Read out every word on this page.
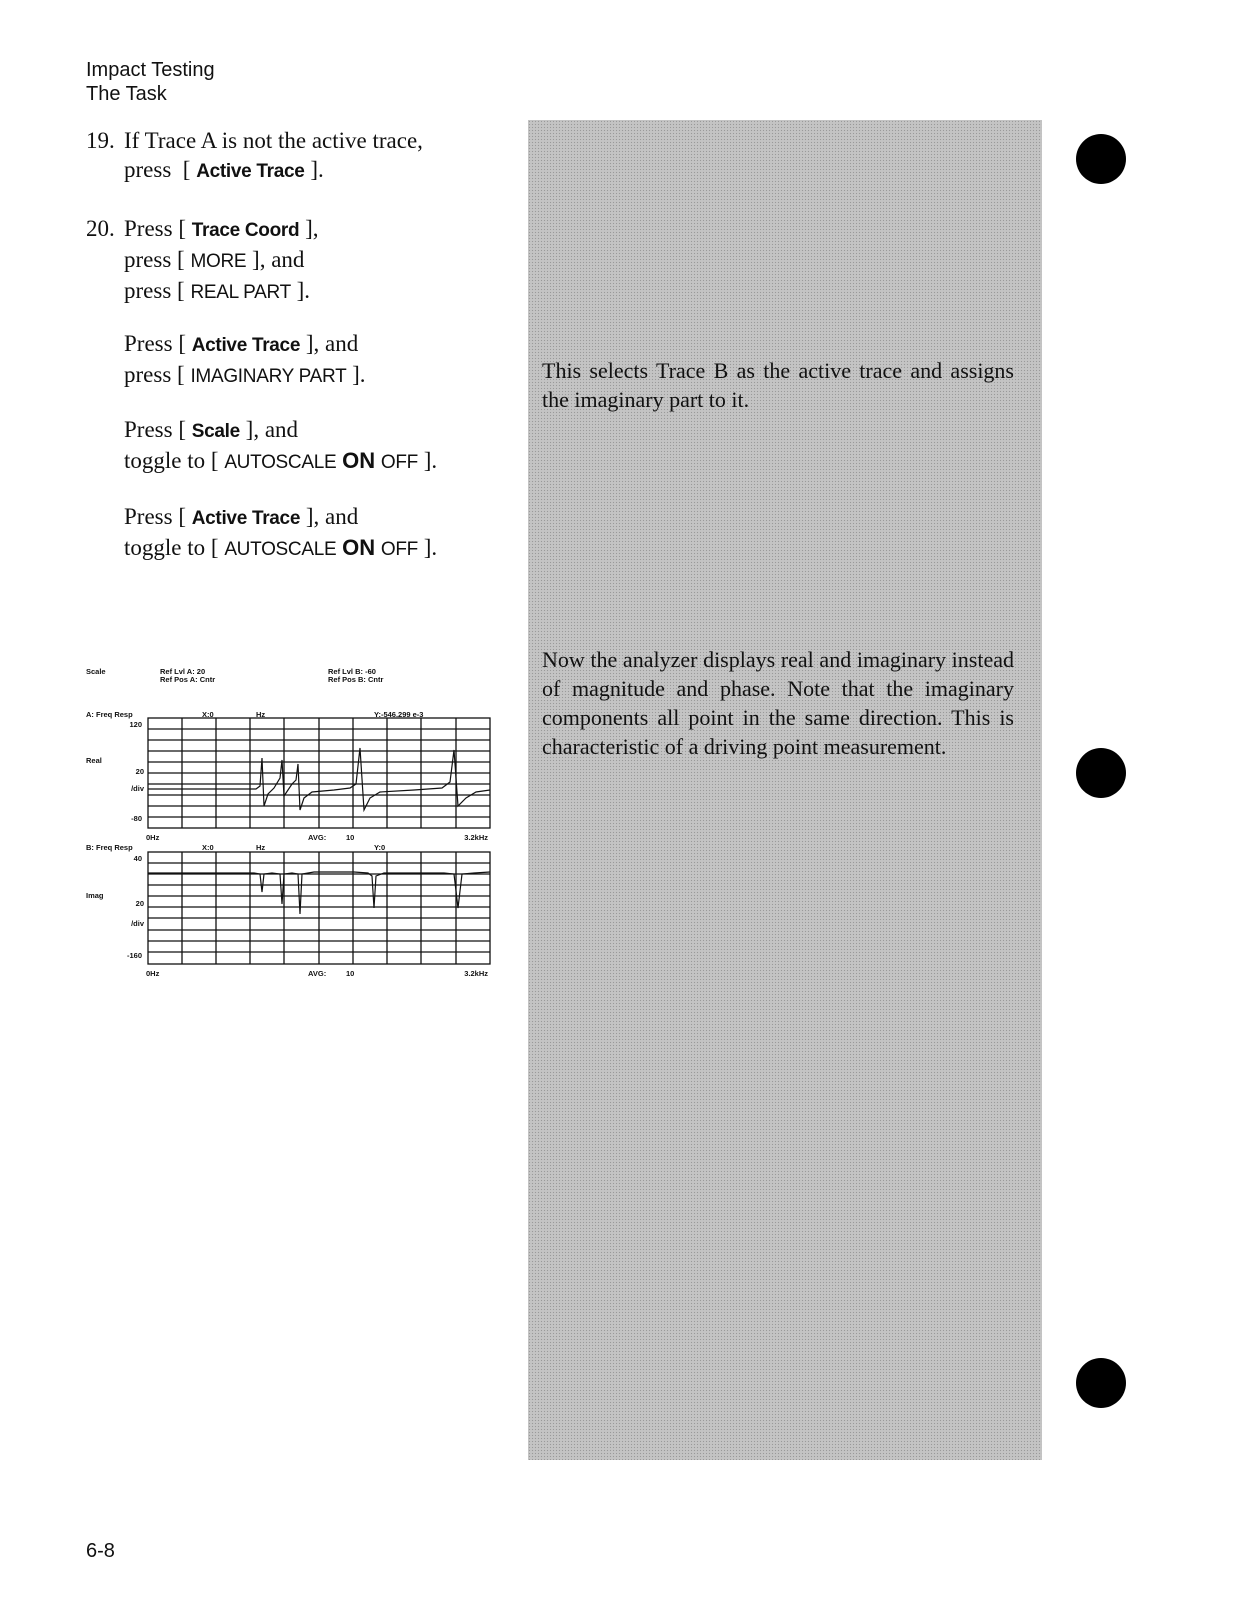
Impact Testing
The Task
19. If Trace A is not the active trace,
press  [ Active Trace ].
20. Press [ Trace Coord ],
press [ MORE ], and
press [ REAL PART ].
Press [ Active Trace ], and
press [ IMAGINARY PART ].
Press [ Scale ], and
toggle to [ AUTOSCALE ON OFF ].
Press [ Active Trace ], and
toggle to [ AUTOSCALE ON OFF ].
Scale	Ref Lvl A: 20
Ref Pos A: Cntr
Ref Lvl B: -60
Ref Pos B: Cntr
A: Freq Resp	X:0	Hz	Y:-546.299 e-3
120
Real
20
/div
-80
0Hz	AVG:	10	3.2kHz
B: Freq Resp	X:0	Hz	Y:0
40
Imag
20
/div
-160
0Hz	AVG:	10	3.2kHz
This selects Trace B as the active trace and assigns the imaginary part to it.
Now the analyzer displays real and imaginary instead of magnitude and phase. Note that the imaginary components all point in the same direction. This is characteristic of a driving point measurement.
6-8
